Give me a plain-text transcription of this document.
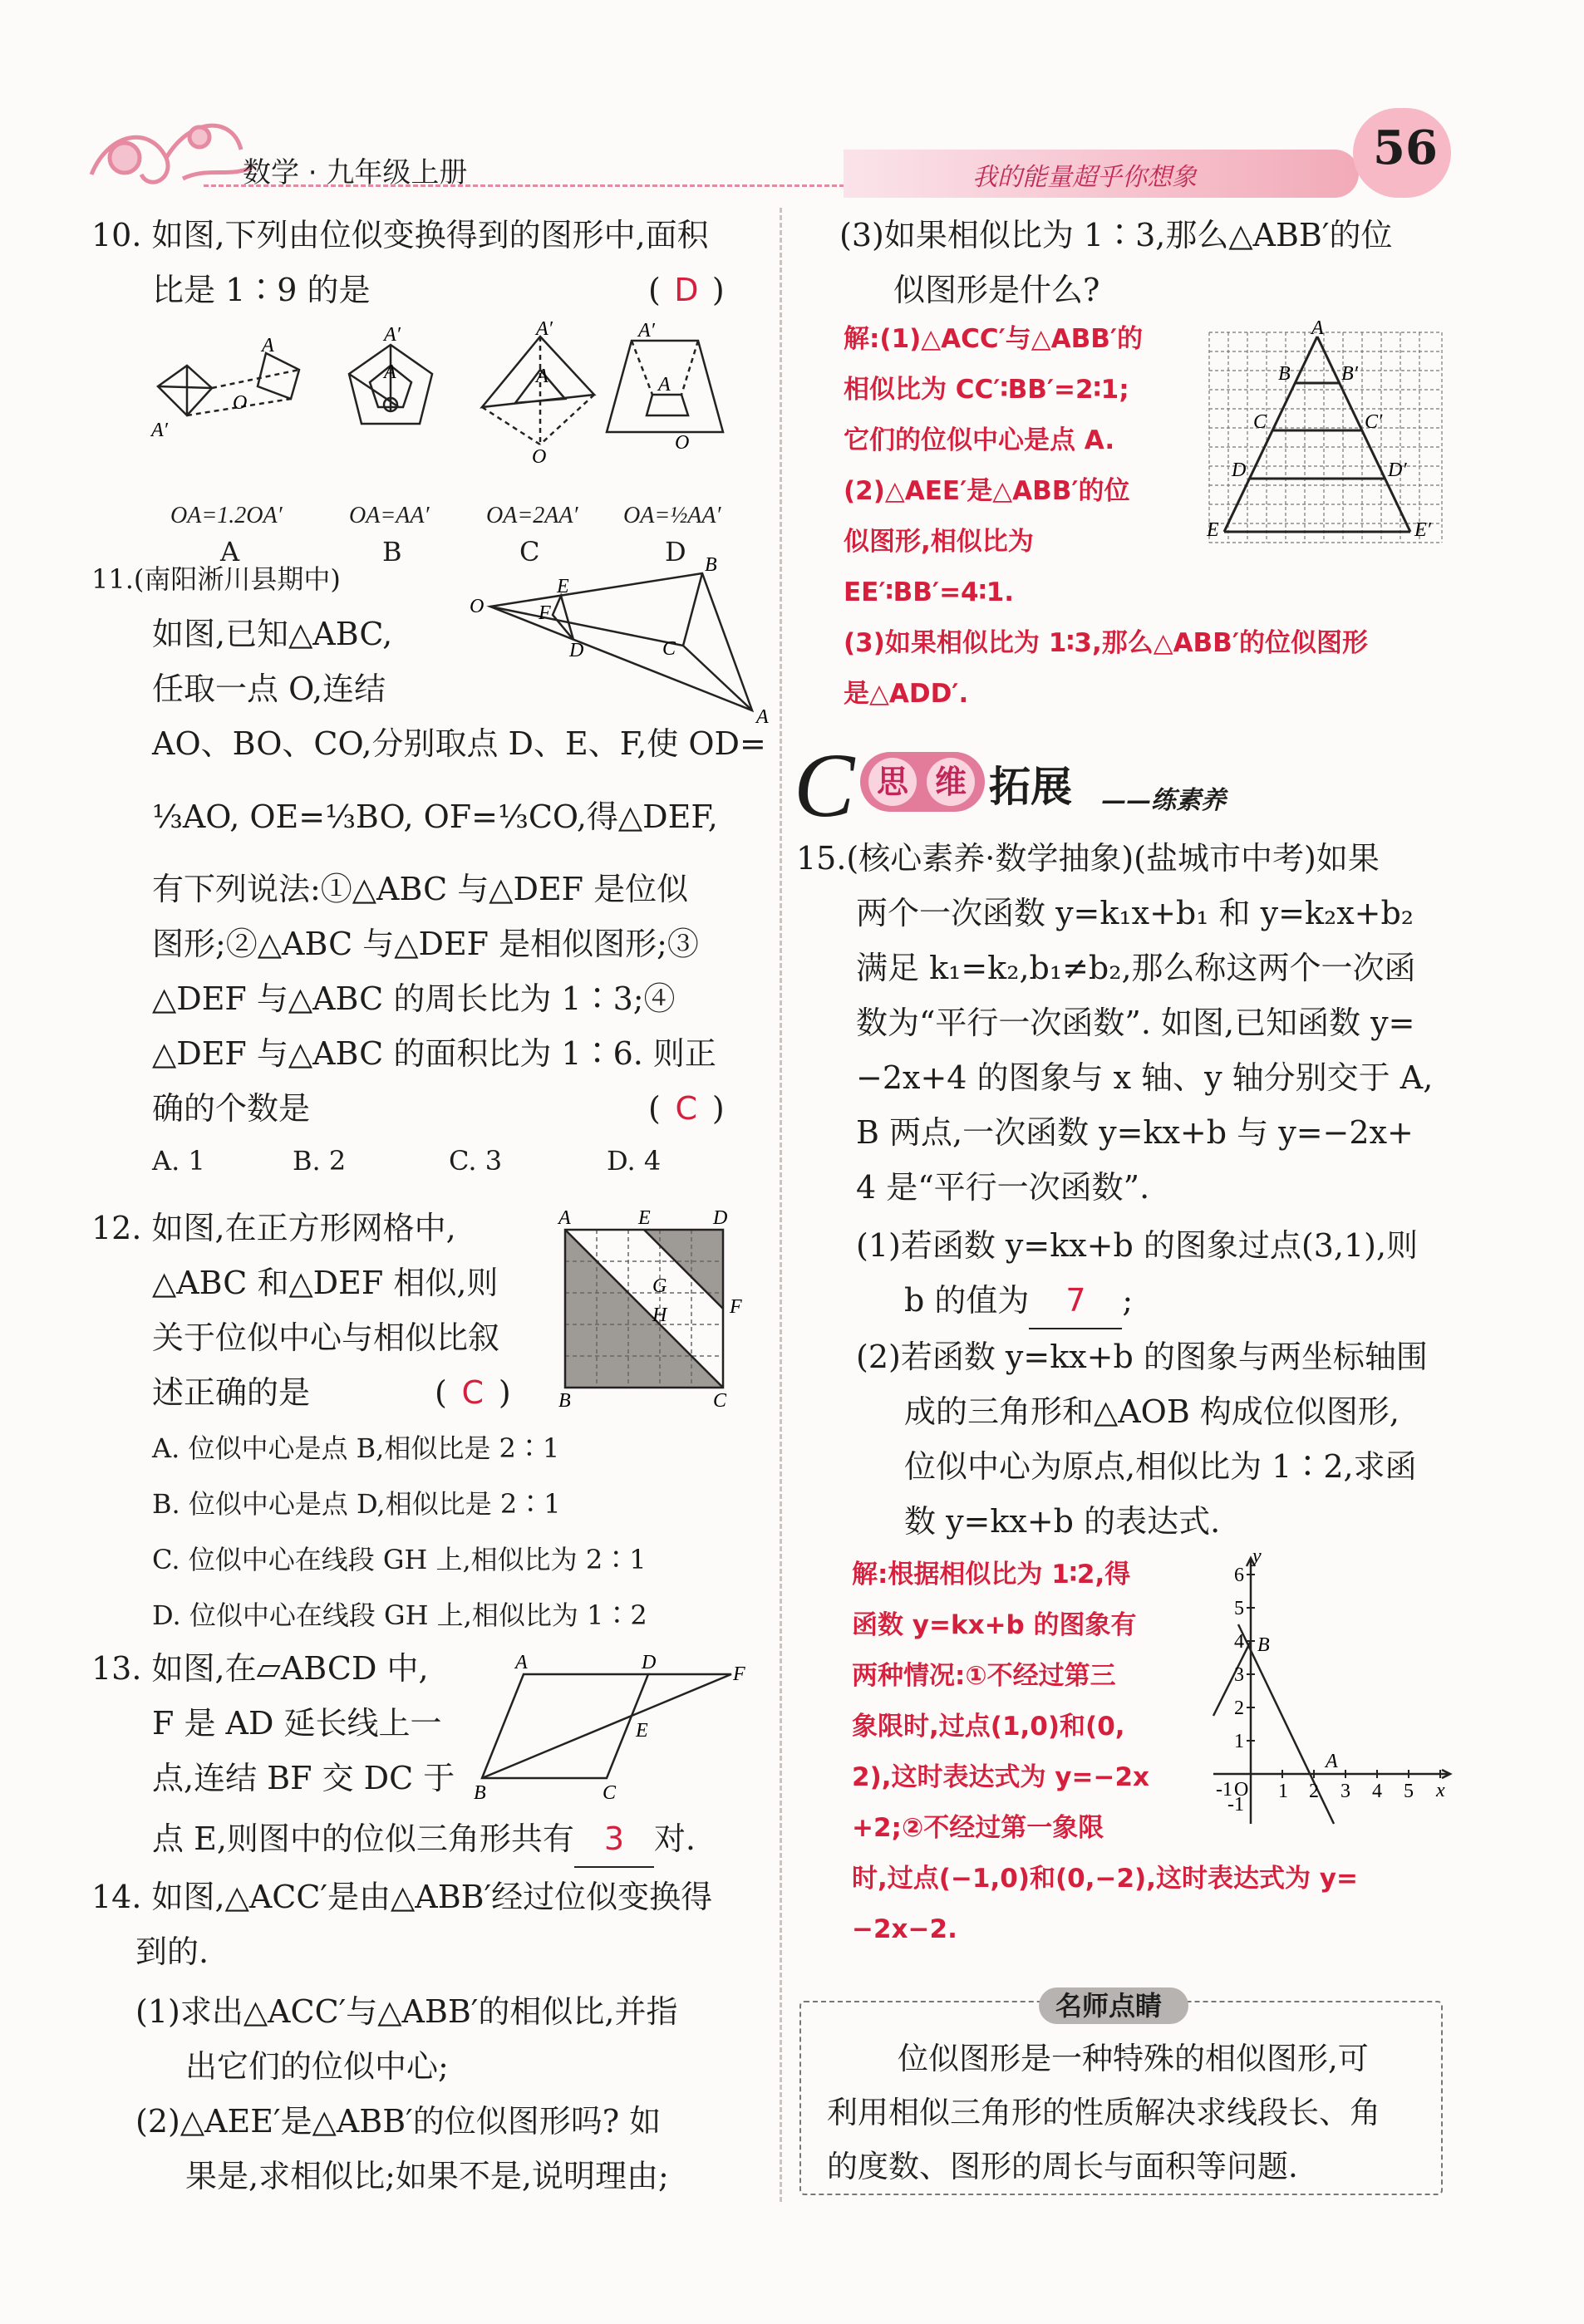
数学 · 九年级上册	我的能量超乎你想象
56
10. 如图,下列由位似变换得到的图形中,面积
比是 1∶9 的是	( D )
A′
A
O
A′
A
A′
A
O
A′
A
O
OA=1.2OA′	OA=AA′ OA=2AA′ OA=½AA′
A	B	C	D
11.(南阳淅川县期中)
如图,已知△ABC,
任取一点 O,连结
AO、BO、CO,分别取点 D、E、F,使 OD=
⅓AO, OE=⅓BO, OF=⅓CO,得△DEF,
有下列说法:①△ABC 与△DEF 是位似
图形;②△ABC 与△DEF 是相似图形;③
△DEF 与△ABC 的周长比为 1∶3;④
△DEF 与△ABC 的面积比为 1∶6. 则正
确的个数是	( C )
A. 1	B. 2	C. 3	D. 4
O
B
A
C
E
F
D
12. 如图,在正方形网格中,
△ABC 和△DEF 相似,则
关于位似中心与相似比叙
述正确的是	( C )
A	E	D
B	C
F
G
H
A. 位似中心是点 B,相似比是 2∶1
B. 位似中心是点 D,相似比是 2∶1
C. 位似中心在线段 GH 上,相似比为 2∶1
D. 位似中心在线段 GH 上,相似比为 1∶2
13. 如图,在▱ABCD 中,
F 是 AD 延长线上一
点,连结 BF 交 DC 于
点 E,则图中的位似三角形共有 3 对.
A	D
F
B	C
E
14. 如图,△ACC′是由△ABB′经过位似变换得
到的.
(1)求出△ACC′与△ABB′的相似比,并指
出它们的位似中心;
(2)△AEE′是△ABB′的位似图形吗? 如
果是,求相似比;如果不是,说明理由;
(3)如果相似比为 1∶3,那么△ABB′的位
似图形是什么?
解:(1)△ACC′与△ABB′的
相似比为 CC′∶BB′=2∶1;
它们的位似中心是点 A.
(2)△AEE′是△ABB′的位
似图形,相似比为
EE′∶BB′=4∶1.
(3)如果相似比为 1∶3,那么△ABB′的位似图形
是△ADD′.
A
B	B′
C	C′
D	D′
E	E′
C 思 维 拓展 ——练素养
15.(核心素养·数学抽象)(盐城市中考)如果
两个一次函数 y=k₁x+b₁ 和 y=k₂x+b₂
满足 k₁=k₂,b₁≠b₂,那么称这两个一次函
数为“平行一次函数”. 如图,已知函数 y=
−2x+4 的图象与 x 轴、y 轴分别交于 A,
B 两点,一次函数 y=kx+b 与 y=−2x+
4 是“平行一次函数”.
(1)若函数 y=kx+b 的图象过点(3,1),则
b 的值为 7 ;
(2)若函数 y=kx+b 的图象与两坐标轴围
成的三角形和△AOB 构成位似图形,
位似中心为原点,相似比为 1∶2,求函
数 y=kx+b 的表达式.
解:根据相似比为 1∶2,得
函数 y=kx+b 的图象有
两种情况:①不经过第三
象限时,过点(1,0)和(0,
2),这时表达式为 y=−2x
+2;②不经过第一象限
时,过点(−1,0)和(0,−2),这时表达式为 y=
−2x−2.
6
5
4
3
2
1
-1 O
-1
1 2 3 4 5
y
x
B
A
名师点睛
位似图形是一种特殊的相似图形,可
利用相似三角形的性质解决求线段长、角
的度数、图形的周长与面积等问题.
